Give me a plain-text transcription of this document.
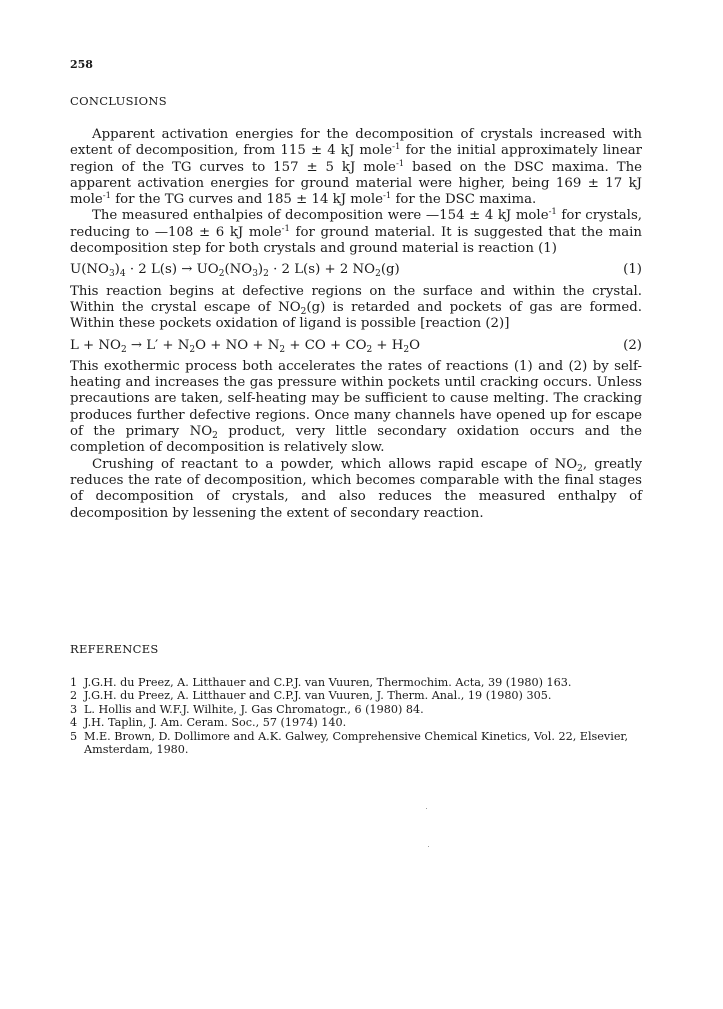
258
CONCLUSIONS

Apparent activation energies for the decomposition of crystals increased with extent of decomposition, from 115 ± 4 kJ mole$^{-1}$ for the initial approximately linear region of the TG curves to 157 ± 5 kJ mole$^{-1}$ based on the DSC maxima. The apparent activation energies for ground material were higher, being 169 ± 17 kJ mole$^{-1}$ for the TG curves and 185 ± 14 kJ mole$^{-1}$ for the DSC maxima.

The measured enthalpies of decomposition were —154 ± 4 kJ mole$^{-1}$ for crystals, reducing to —108 ± 6 kJ mole$^{-1}$ for ground material. It is suggested that the main decomposition step for both crystals and ground material is reaction (1)

$U(NO_3)_4 \cdot 2$ $L(s) \to UO_2(NO_3)_2 \cdot 2$ L(s) + 2 $NO_2(g)$	(1)

This reaction begins at defective regions on the surface and within the crystal. Within the crystal escape of $NO_2(g)$ is retarded and pockets of gas are formed. Within these pockets oxidation of ligand is possible [reaction (2)]

$L + NO_2 \to L' + N_2O$ + NO + $N_2$ + CO + $CO_2 + H_2O$	(2)

This exothermic process both accelerates the rates of reactions (1) and (2) by self-heating and increases the gas pressure within pockets until cracking occurs. Unless precautions are taken, self-heating may be sufficient to cause melting. The cracking produces further defective regions. Once many channels have opened up for escape of the primary $NO_2$ product, very little secondary oxidation occurs and the completion of decomposition is relatively slow.

Crushing of reactant to a powder, which allows rapid escape of $NO_2$, greatly reduces the rate of decomposition, which becomes comparable with the final stages of decomposition of crystals, and also reduces the measured enthalpy of decomposition by lessening the extent of secondary reaction.

REFERENCES
1 J.G.H. du Preez, A. Litthauer and C.P.J. van Vuuren, Thermochim. Acta, 39 (1980) 163.
2 J.G.H. du Preez, A. Litthauer and C.P.J. van Vuuren, J. Therm. Anal., 19 (1980) 305.
3 L. Hollis and W.F.J. Wilhite, J. Gas Chromatogr., 6 (1980) 84.
4 J.H. Taplin, J. Am. Ceram. Soc., 57 (1974) 140.
5 M.E. Brown, D. Dollimore and A.K. Galwey, Comprehensive Chemical Kinetics, Vol. 22, Elsevier, Amsterdam, 1980.
